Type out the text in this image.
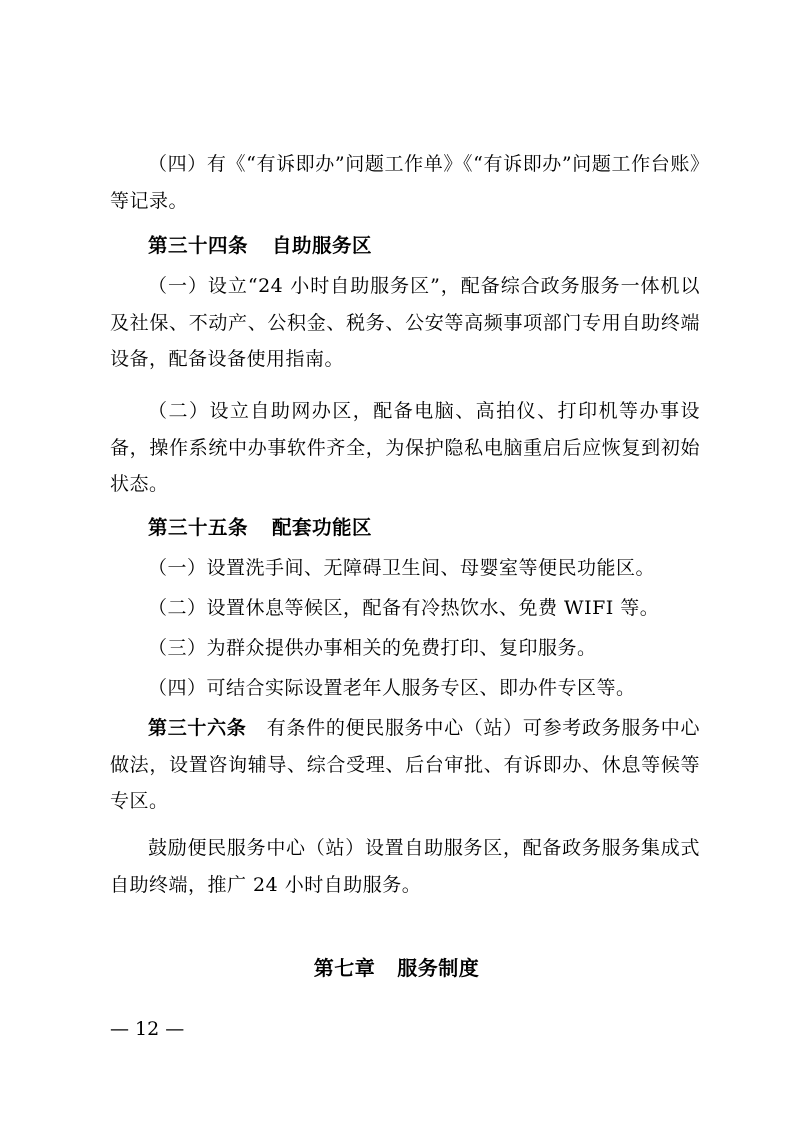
（四）有《“有诉即办”问题工作单》《“有诉即办”问题工作台账》等记录。

第三十四条 自助服务区

（一）设立“24 小时自助服务区”，配备综合政务服务一体机以及社保、不动产、公积金、税务、公安等高频事项部门专用自助终端设备，配备设备使用指南。

（二）设立自助网办区，配备电脑、高拍仪、打印机等办事设备，操作系统中办事软件齐全，为保护隐私电脑重启后应恢复到初始状态。

第三十五条 配套功能区

（一）设置洗手间、无障碍卫生间、母婴室等便民功能区。

（二）设置休息等候区，配备有冷热饮水、免费 WIFI 等。

（三）为群众提供办事相关的免费打印、复印服务。

（四）可结合实际设置老年人服务专区、即办件专区等。

第三十六条 有条件的便民服务中心（站）可参考政务服务中心做法，设置咨询辅导、综合受理、后台审批、有诉即办、休息等候等专区。

鼓励便民服务中心（站）设置自助服务区，配备政务服务集成式自助终端，推广 24 小时自助服务。

第七章 服务制度

— 12 —
